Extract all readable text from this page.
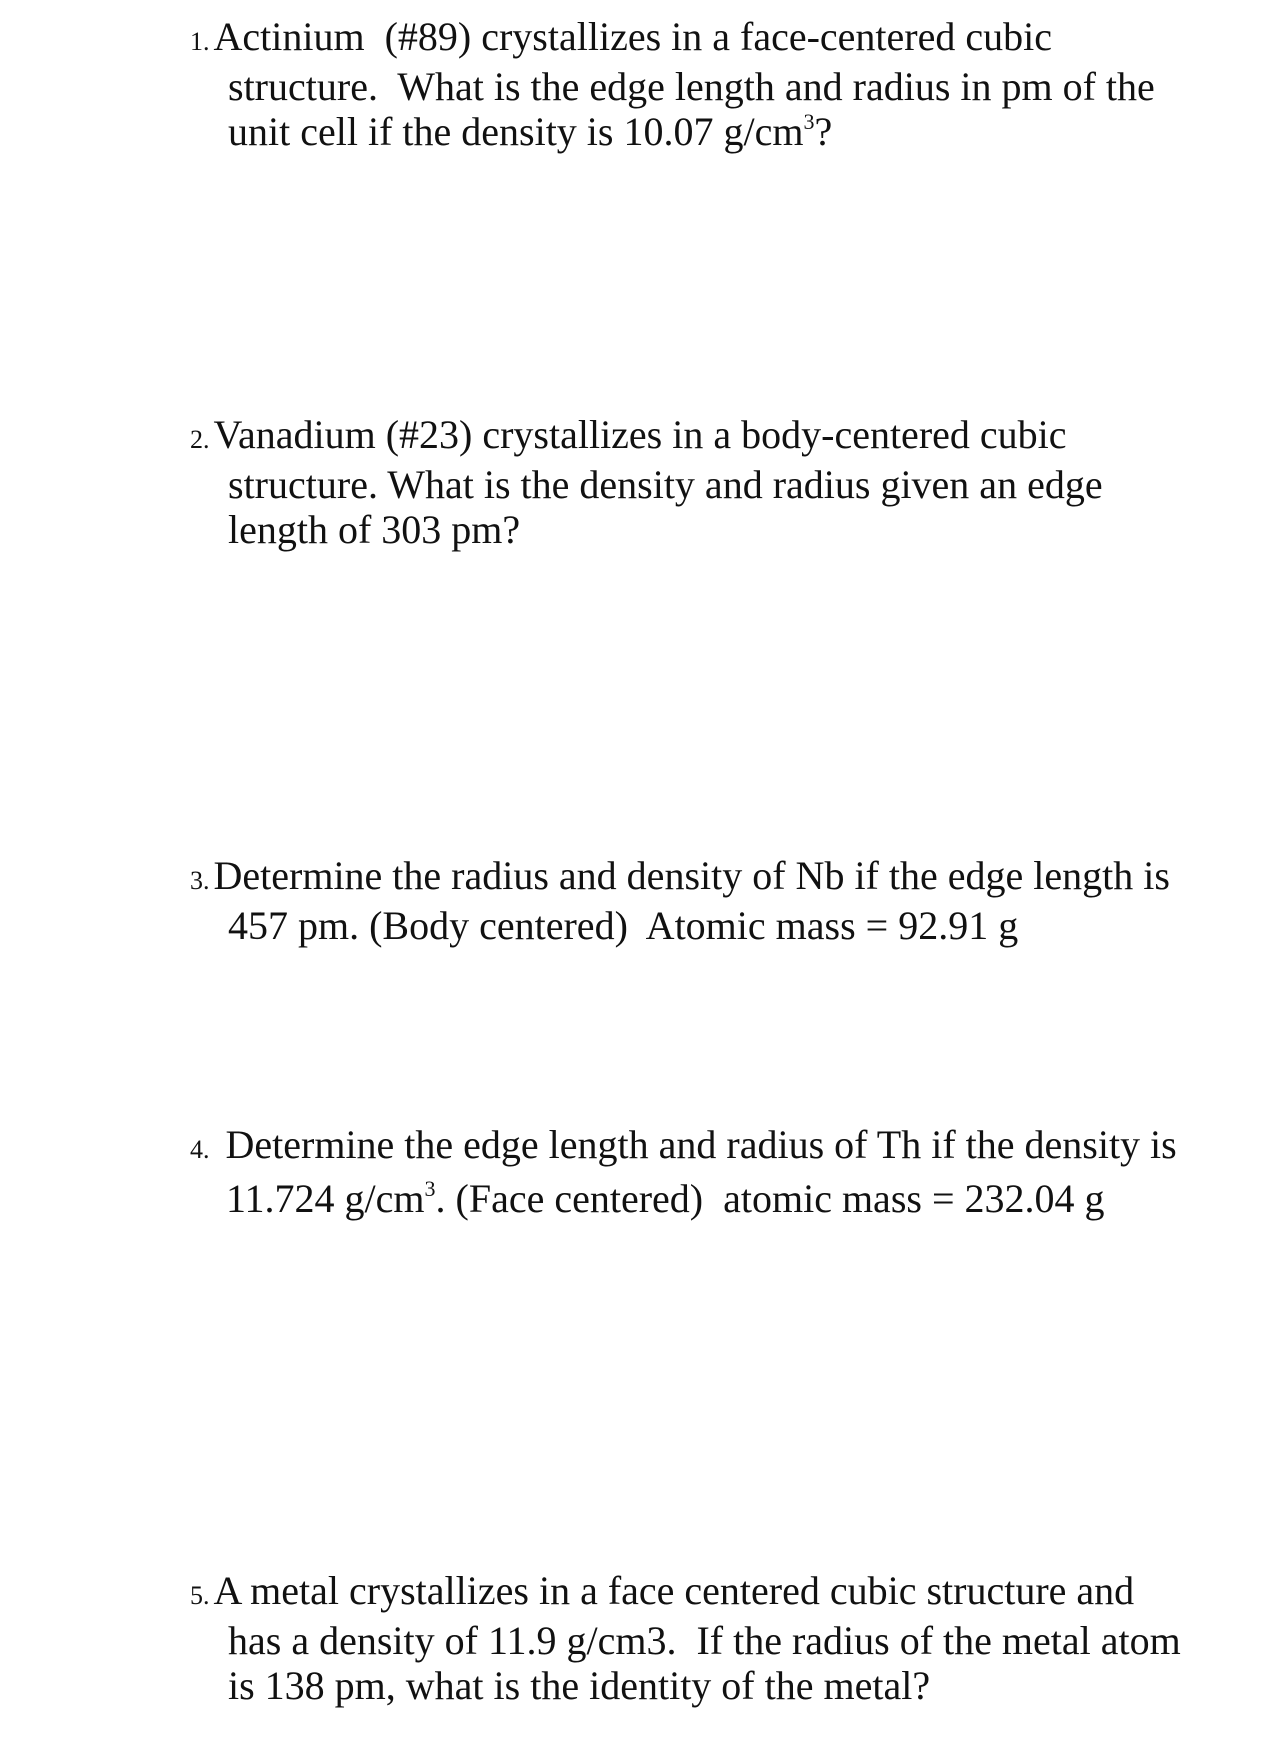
1. Actinium  (#89) crystallizes in a face-centered cubic
structure.  What is the edge length and radius in pm of the
unit cell if the density is 10.07 $g/cm^3$?
2. Vanadium (#23) crystallizes in a body-centered cubic
structure. What is the density and radius given an edge
length of 303 pm?
3. Determine the radius and density of Nb if the edge length is
457 pm. (Body centered)  Atomic mass = 92.91 g
4. Determine the edge length and radius of Th if the density is
11.724 $g/cm^3$. (Face centered)  atomic mass = 232.04 g
5. A metal crystallizes in a face centered cubic structure and
has a density of 11.9 g/cm3.  If the radius of the metal atom
is 138 pm, what is the identity of the metal?
